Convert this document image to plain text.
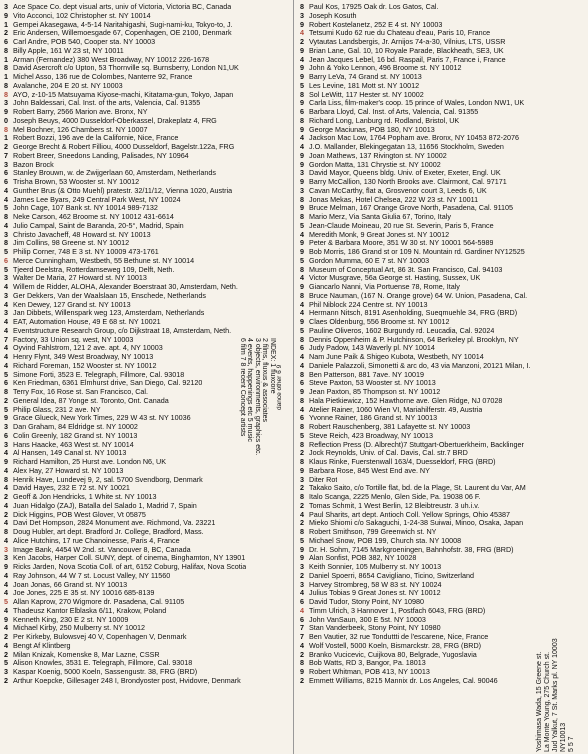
3 Ace Space Co. dept visual arts, univ of Victoria, Victoria BC, Canada
9 Vito Acconci, 102 Christopher st. NY 10014
1 Gempei Akasegawa, 4-5-14 Naritahigashi, Sugi-nami-ku, Tokyo-to, J.
2 Eric Andersen, Willemoesgade 67, Copenhagen, OE 2100, Denmark
6 Carl Andre, POB 540, Cooper sta. NY 10003
8 Billy Apple, 161 W 23 st, NY 10011
1 Arman (Fernandez) 380 West Broadway, NY 10012 226-1678
8 David Asercroft c/o Upton, 53 Thornville sq. Burnsberry, London N1,UK
1 Michel Asso, 136 rue de Colombes, Nanterre 92, France
8 Avalanche, 204 E 20 st. NY 10003
8 AYO, z-10-15 Matsuyama Kiyose-machi, Kitatama-gun, Tokyo, Japan
3 John Baldessari, Cal. Inst. of the arts, Valencia, Cal. 91355
9 Robert Barry, 2566 Marion ave. Bronx, NY
0 Joseph Beuys, 4000 Dusseldorf-Oberkassel, Drakeplatz 4, FRG
8 Mel Bochner, 126 Chambers st. NY 10007
1 Robert Bozzi, 196 ave de la Californie, Nice, France
2 George Brecht & Robert Filliou, 4000 Dusseldorf, Bagelstr.122a, FRG
7 Robert Breer, Sneedons Landing, Palisades, NY 10964
3 Bazon Brock
6 Stanley Brouwn, w. de Zwijgerlaan 60, Amsterdam, Netherlands
6 Trisha Brown, 53 Wooster st. NY 10012
4 Gunther Brus (& Otto Muehl) pratestr. 32/11/12, Vienna 1020, Austria
4 James Lee Byars, 249 Central Park West, NY 10024
5 John Cage, 107 Bank st. NY 10014 989-7132
8 Neke Carson, 462 Broome st. NY 10012 431-6614
4 Julio Campal, Saint de Baranda, 20-5°, Madrid, Spain
3 Christo Javacheff, 48 Howard st. NY 10013
8 Jim Collins, 98 Greene st. NY 10012
5 Philip Corner, 748 E 3 st. NY 10009 473-1761
6 Merce Cunningham, Westbeth, 55 Bethune st. NY 10014
5 Tjeerd Deelstra, Rotterdamseweg 109, Delft, Neth.
3 Walter De Maria, 27 Howard st. NY 10013
4 Willem de Ridder, ALOHA, Alexander Boerstraat 30, Amsterdam, Neth.
3 Ger Dekkers, Van der Waalslaan 15, Enschede, Netherlands
4 Ken Dewey, 127 Grand st. NY 10013
3 Jan Dibbets, Willenspark weg 123, Amsterdam, Netherlands
4 EAT, Automation House, 49 E 68 st. NY 10021
4 Eventstructure Research Group, c/o Dijkstraat 18, Amsterdam, Neth.
7 Factory, 33 Union sq. west, NY 10003
4 Oyvind Fahlstrom, 121 2 ave. apt. 4, NY 10003
4 Henry Flynt, 349 West Broadway, NY 10013
4 Richard Foreman, 152 Wooster st. NY 10012
5 Simone Forti, 3523 E. Telegraph, Fillmore, Cal. 93018
6 Ken Friedman, 6361 Elmhurst drive, San Diego, Cal. 92120
8 Terry Fox, 16 Rose st. San Francisco, Cal.
2 General Idea, 87 Yonge st. Toronto, Ont. Canada
5 Philip Glass, 231 2 ave. NY
9 Grace Glueck, New York Times, 229 W 43 st. NY 10036
3 Dan Graham, 84 Eldridge st. NY 10002
6 Colin Greenly, 182 Grand st. NY 10013
3 Hans Haacke, 463 West st. NY 10014
4 Al Hansen, 149 Canal st. NY 10013
9 Richard Hamilton, 25 Hurst ave. London N6, UK
4 Alex Hay, 27 Howard st. NY 10013
8 Henrik Have, Lundevej 9, 2, sal. 5700 Svendborg, Denmark
4 David Hayes, 232 E 72 st. NY 10021
2 Geoff & Jon Hendricks, 1 White st. NY 10013
4 Juan Hidalgo (ZAJ), Batalla del Salado 1, Madrid 7, Spain
2 Dick Higgins, POB West Glover, Vt 05875
4 Davi Det Hompson, 2824 Monument ave. Richmond, Va. 23221
8 Doug Hubler, art dept. Bradford Jr. College, Bradford, Mass.
4 Alice Hutchins, 17 rue Chanoinesse, Paris 4, France
3 Image Bank, 4454 W 2nd. st. Vancouver 8, BC, Canada
3 Ken Jacobs, Harper Coll. SUNY, dept. of cinema, Binghamton, NY 13901
9 Ricks Jarden, Nova Scotia Coll. of art, 6152 Coburg, Halifax, Nova Scotia
4 Ray Johnson, 44 W 7 st. Locust Valley, NY 11560
4 Joan Jonas, 66 Grand st. NY 10013
4 Joe Jones, 225 E 35 st. NY 10016 685-8139
5 Allan Kaprow, 270 Wigmore dr. Pasadena, Cal. 91105
4 Thadeusz Kantor Elblaska 6/11, Krakow, Poland
9 Kenneth King, 230 E 2 st. NY 10009
4 Michael Kirby, 250 Mulberry st. NY 10012
2 Per Kirkeby, Bulowsvej 40 V, Copenhagen V, Denmark
4 Bengt Af Klintberg
2 Milan Knizak, Komenske 8, Mar Lazne, CSSR
5 Alison Knowles, 3531 E. Telegraph, Fillmore, Cal. 93018
3 Kaspar Koenig, 5000 Koeln, Sassengustr. 38, FRG (BRD)
2 Arthur Koepcke, Gillesager 248 I, Brondyoster post, Hvidovre, Denmark
8 Paul Kos, 17925 Oak dr. Los Gatos, Cal.
3 Joseph Kosuth
9 Robert Kostelanetz, 252 E 4 st. NY 10003
4 Tetsumi Kudo 62 rue du Chateau d'eau, Paris 10, France
2 Vytautas Landsbergis, Jr. Arnijos 74-a-30, Vilnius, LTS, USSR
9 Brian Lane, Gal. 10, 10 Royale Parade, Blackheath, SE3, UK
4 Jean Jacques Lebel, 16 bd. Raspail, Paris 7, France i, France
9 John & Yoko Lennon, 496 Broome st. NY 10012
9 Barry LeVa, 74 Grand st. NY 10013
5 Les Levine, 181 Mott st. NY 10012
8 Sol LeWitt, 117 Hester st. NY 10002
9 Carla Liss, film-maker's coop. 15 prince of Wales, London NW1, UK
6 Barbara Lloyd, Cal. Inst. of Arts, Valencia, Cal. 91355
8 Richard Long, Lanburg rd. Rodland, Bristol, UK
9 George Maciunas, POB 180, NY 10013
4 Jackson Mac Low, 1764 Popham ave. Bronx, NY 10453 872-2076
4 J.O. Mallander, Blekingegatan 13, 11656 Stockholm, Sweden
9 Joan Mathews, 137 Rivington st. NY 10002
9 Gordon Matta, 131 Chrystie st. NY 10002
3 David Mayor, Queens bldg. Univ. of Exeter, Exeter, Engl. UK
9 Barry McCallion, 130 North Brooks ave. Clairmont, Cal. 97171
3 Cavan McCarthy, flat a, Grosvenor court 3, Leeds 6, UK
8 Jonas Mekas, Hotel Chelsea, 222 W 23 st. NY 10011
9 Bruce Melman, 167 Orange Grove North, Pasadena, Cal. 91105
8 Mario Merz, Via Santa Giulia 67, Torino, Italy
5 Jean-Claude Moineau, 20 rue St. Severin, Paris 5, France
4 Meredith Monk, 9 Great Jones st. NY 10012
9 Peter & Barbara Moore, 351 W 30 st. NY 10001 564-5989
9 Bob Morris, 186 Grand st or 109 N. Mountain rd. Gardiner NY12525
5 Gordon Mumma, 60 E 7 st. NY 10003
8 Museum of Conceptual Art, 86 3t. San Francisco, Cal. 94103
4 Victor Musgrave, 56a George st. Hasting, Sussex, UK
9 Giancarlo Nanni, Via Portuense 78, Rome, Italy
8 Bruce Nauman, (167 N. Orange grove) 64 W. Union, Pasadena, Cal.
4 Phil Niblock 224 Centre st. NY 10013
4 Hermann Nitsch, 8191 Asenholding, Sueqmuehle 34, FRG (BRD)
9 Claes Oldenburg, 556 Broome st. NY 10012
5 Pauline Oliveros, 1602 Burgundy rd. Leucadia, Cal. 92024
8 Dennis Oppenheim & P. Hutchinson, 64 Berkeley pl. Brooklyn, NY
6 Judy Padow, 143 Waverly pl. NY 10014
4 Nam June Paik & Shigeo Kubota, Westbeth, NY 10014
4 Daniele Palazzoli, Simonetti & arc do, 43 via Manzoni, 20121 Milan, I.
8 Ben Patterson, 881 7ave. NY 10019
6 Steve Paxton, 53 Wooster st. NY 10013
9 Jean Paxton, 85 Thompson st. NY 10012
8 Hala Pietkiewicz, 152 Hawthorne ave. Glen Ridge, NJ 07028
4 Atelier Rainer, 1060 Wien VI, Mariahilferstr. 49, Austria
6 Yvonne Rainer, 186 Grand st. NY 10013
8 Robert Rauschenberg, 381 Lafayette st. NY 10003
5 Steve Reich, 423 Broadway, NY 10013
8 Reflection Press (D. Albrecht)7 Stuttgart-Obertuerkheim, Backlinger
2 Jock Reynolds, Univ. of Cal. Davis, Cal. str.7 BRD
8 Klaus Rinke, Fuerstenwall 163/4, Duesseldorf, FRG (BRD)
9 Barbara Rose, 845 West End ave. NY
3 Diter Rot
2 Takako Saito, c/o Tortille flat, bd. de la Plage, St. Laurent du Var, AM
8 Italo Scanga, 2225 Menlo, Glen Side, Pa. 19038 06 F.
2 Tomas Schmit, 1 West Berlin, 12 Bleibtreustr. 3 uh.i.v.
4 Paul Sharits, art dept. Antioch Coll. Yellow Springs, Ohio 45387
2 Mieko Shiomi c/o Sakaguchi, 1-24-38 Suiwai, Minoo, Osaka, Japan
8 Robert Smithson, 799 Greenwich st. NY
5 Michael Snow, POB 199, Church sta. NY 10008
9 Dr. H. Sohm, 7145 Markgroeningen, Bahnhofstr. 38, FRG (BRD)
9 Alan Sonfist, POB 382, NY 10028
3 Keith Sonnier, 105 Mulberry st. NY 10013
2 Daniel Spoerri, 8654 Cavigliano, Ticino, Switzerland
3 Harvey Strombreg, 58 W 83 st. NY 10024
4 Julius Tobias 9 Great Jones st. NY 10012
6 David Tudor, Stony Point, NY 10980
4 Timm Ulrich, 3 Hannover 1, Postfach 6043, FRG (BRD)
6 John VanSaun, 300 E 5st. NY 10003
7 Stan Vanderbeek, Stony Point, NY 10980
7 Ben Vautier, 32 rue Tonduttti de l'escarene, Nice, France
4 Wolf Vostell, 5000 Koeln, Bismarckstr. 28, FRG (BRD)
2 Branko Vucicevic, Cuijkova 80, Belgrade, Yugoslavia
8 Bob Watts, RD 3, Bangor, Pa. 18013
9 Robert Whitman, POB 413, NY 10013
2 Emmett Williams, 8215 Mannix dr. Los Angeles, Cal. 90046
INDEX: 1 fluxcore
2 films, fluxus & associates
3 objects, environments, graphics etc.
4 events, happenings etc 5 music
6 film 7 8 recent Concept artists	dance other 6 9
Yoshimasa Wada, 15 Greene st. La Monte Young, 275 Church st. Jud Yalkut, 7 St. Marks pl. NY 10003 NY10013 5 5 7
